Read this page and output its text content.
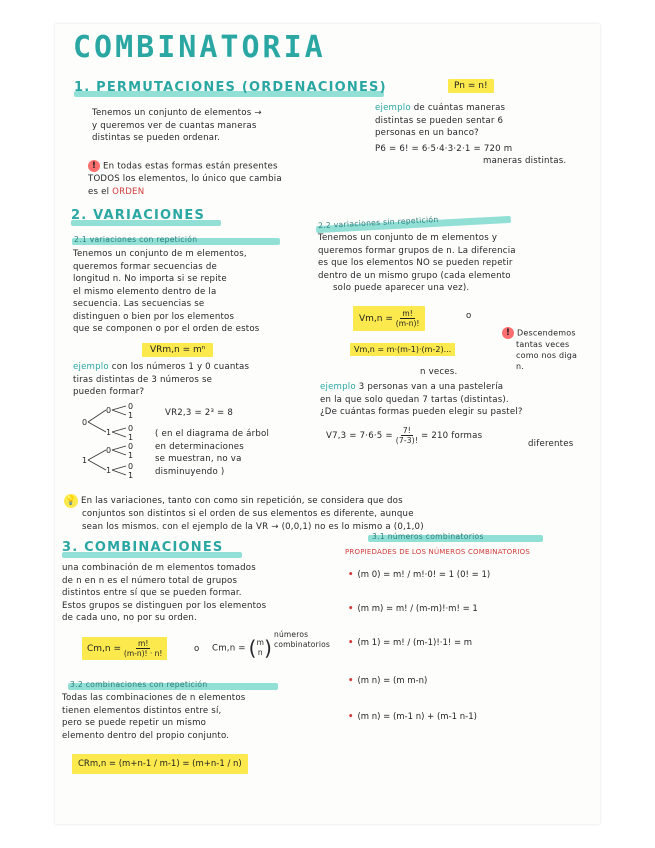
COMBINATORIA
1. PERMUTACIONES (ORDENACIONES)	Pn = n!

Tenemos un conjunto de elementos →

y queremos ver de cuantas maneras

distintas se pueden ordenar.

! En todas estas formas están presentes

TODOS los elementos, lo único que cambia

es el ORDEN

ejemplo de cuántas maneras

distintas se pueden sentar 6

personas en un banco?

P6 = 6! = 6·5·4·3·2·1 = 720 m

maneras distintas.

2. VARIACIONES
2.1 variaciones con repetición

Tenemos un conjunto de m elementos,

queremos formar secuencias de

longitud n. No importa si se repite

el mismo elemento dentro de la

secuencia. Las secuencias se

distinguen o bien por los elementos

que se componen o por el orden de estos

VRm,n = mⁿ

ejemplo con los números 1 y 0 cuantas

tiras distintas de 3 números se

pueden formar?

0
1
0
1
0
1
0
1
0
1
0
1
0
1
VR2,3 = 2³ = 8

( en el diagrama de árbol

en determinaciones

se muestran, no va

disminuyendo )

2.2 variaciones sin repetición

Tenemos un conjunto de m elementos y

queremos formar grupos de n. La diferencia

es que los elementos NO se pueden repetir

dentro de un mismo grupo (cada elemento

solo puede aparecer una vez).

$Vm,n = \frac{m!}{(m-n)!}$	o
Vm,n = m·(m-1)·(m-2)...
n veces.

! Descendemos

tantas veces

como nos diga

n.

ejemplo 3 personas van a una pastelería

en la que solo quedan 7 tartas (distintas).

¿De cuántas formas pueden elegir su pastel?

$V7,3 = 7\cdot 6\cdot 5 = \frac{7!}{(7-3)!} = 210$ formas
diferentes

💡 En las variaciones, tanto con como sin repetición, se considera que dos

conjuntos son distintos si el orden de sus elementos es diferente, aunque

sean los mismos. con el ejemplo de la VR → (0,0,1) no es lo mismo a (0,1,0)

3. COMBINACIONES

una combinación de m elementos tomados

de n en n es el número total de grupos

distintos entre sí que se pueden formar.

Estos grupos se distinguen por los elementos

de cada uno, no por su orden.

$Cm,n = \frac{m!}{(m-n)! \cdot n!}$	o Cm,n = ( m
n )
números combinatorios
3.2 combinaciones con repetición

Todas las combinaciones de n elementos

tienen elementos distintos entre sí,

pero se puede repetir un mismo

elemento dentro del propio conjunto.

CRm,n = (m+n-1 / m-1) = (m+n-1 / n)
3.1 números combinatorios
PROPIEDADES DE LOS NÚMEROS COMBINATORIOS
• (m 0) = m! / m!·0! = 1 (0! = 1)
• (m m) = m! / (m-m)!·m! = 1
• (m 1) = m! / (m-1)!·1! = m
• (m n) = (m m-n)
• (m n) = (m-1 n) + (m-1 n-1)
